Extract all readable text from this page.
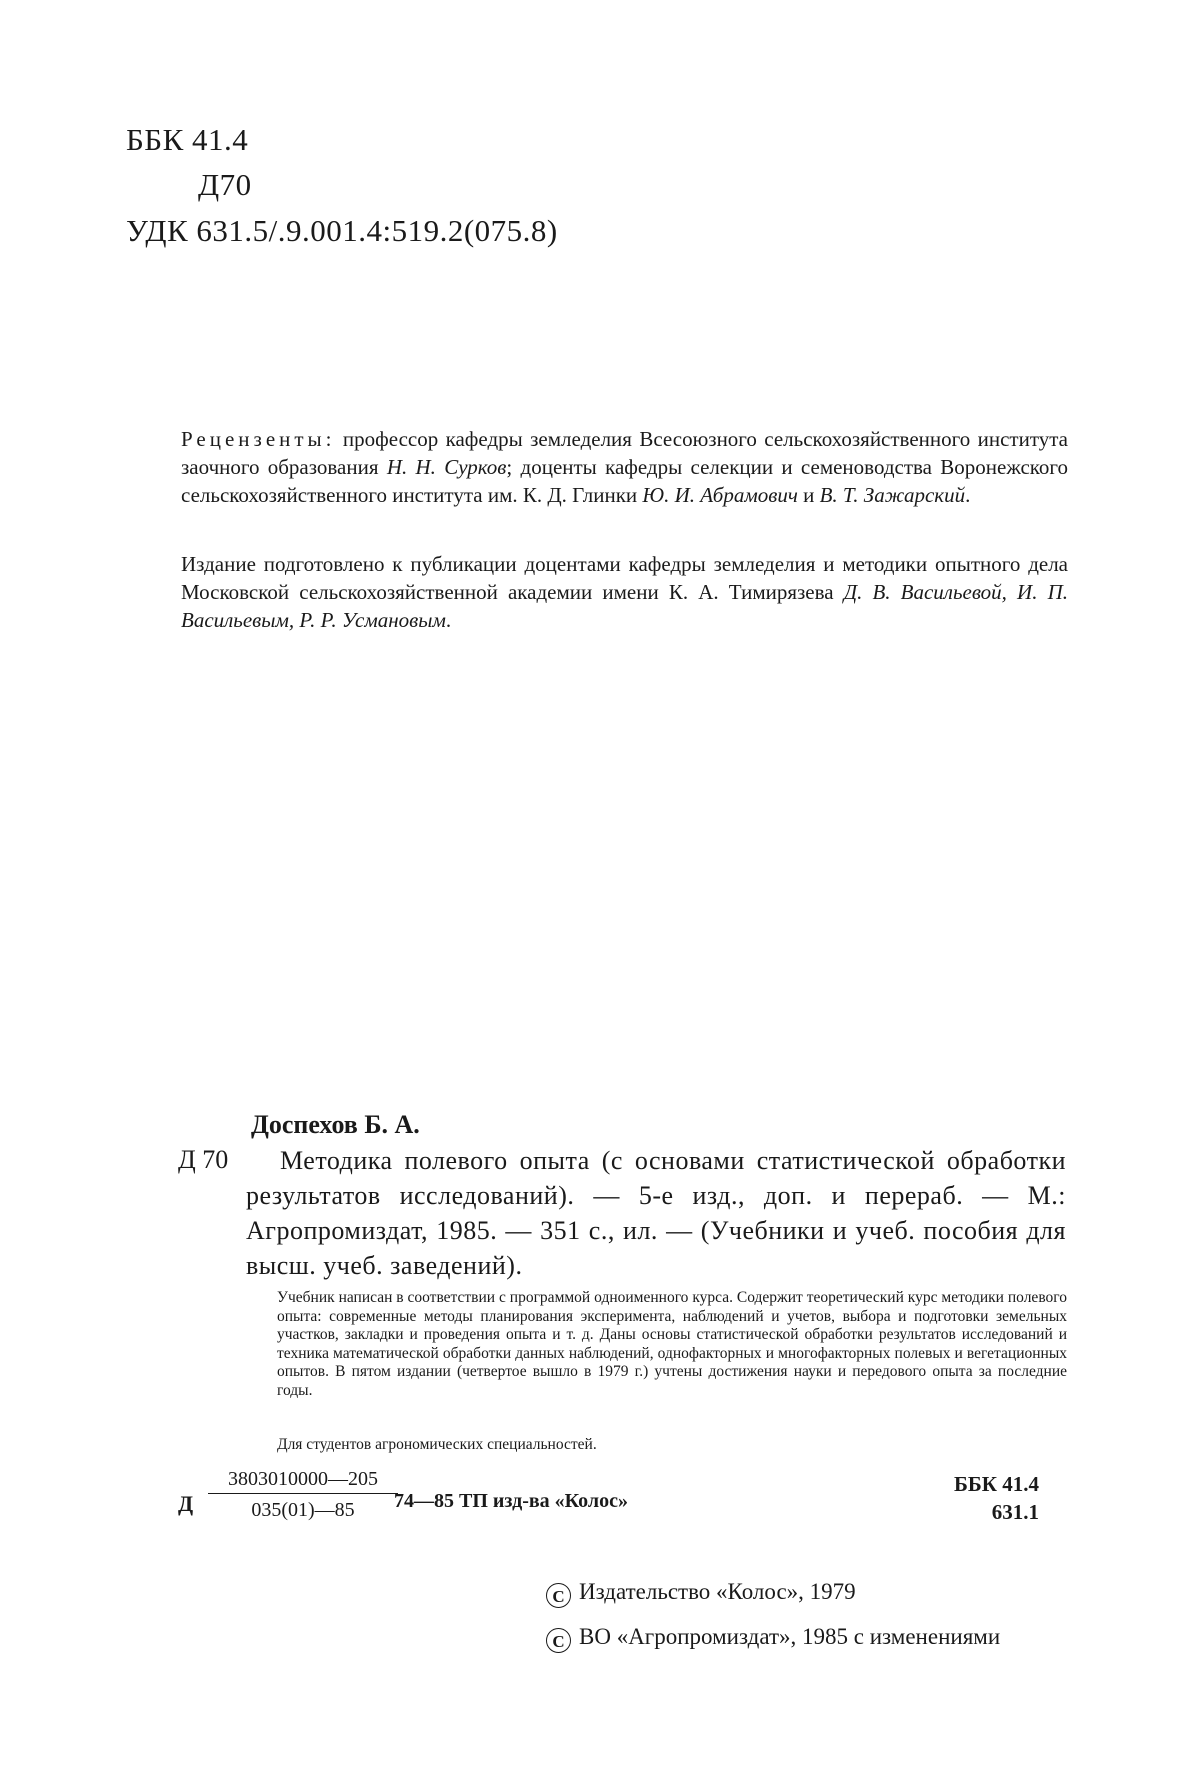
ББК 41.4
Д70
УДК 631.5/.9.001.4:519.2(075.8)
Рецензенты: профессор кафедры земледелия Всесоюзного сельскохозяйственного института заочного образования Н. Н. Сурков; доценты кафедры селекции и семеноводства Воронежского сельскохозяйственного института им. К. Д. Глинки Ю. И. Абрамович и В. Т. Зажарский.
Издание подготовлено к публикации доцентами кафедры земледелия и методики опытного дела Московской сельскохозяйственной академии имени К. А. Тимирязева Д. В. Васильевой, И. П. Васильевым, Р. Р. Усмановым.
Доспехов Б. А.
Д 70	Методика полевого опыта (с основами статистической обработки результатов исследований). — 5-е изд., доп. и перераб. — М.: Агропромиздат, 1985. — 351 с., ил. — (Учебники и учеб. пособия для высш. учеб. заведений).
Учебник написан в соответствии с программой одноименного курса. Содержит теоретический курс методики полевого опыта: современные методы планирования эксперимента, наблюдений и учетов, выбора и подготовки земельных участков, закладки и проведения опыта и т. д. Даны основы статистической обработки результатов исследований и техника математической обработки данных наблюдений, однофакторных и многофакторных полевых и вегетационных опытов. В пятом издании (четвертое вышло в 1979 г.) учтены достижения науки и передового опыта за последние годы.
Для студентов агрономических специальностей.
Д $\frac{3803010000—205}{035(01)—85}$
74—85 ТП изд-ва «Колос»
ББК 41.4
631.1
С Издательство «Колос», 1979
С ВО «Агропромиздат», 1985 с изменениями
